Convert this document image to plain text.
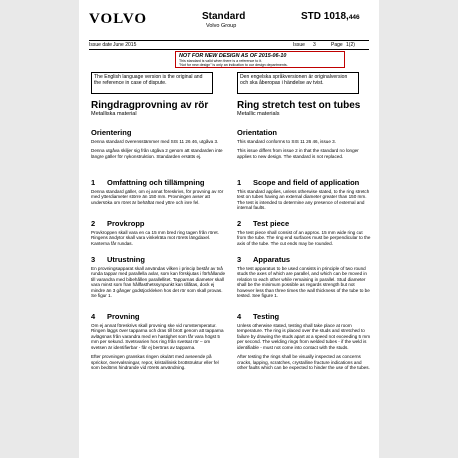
VOLVO	Standard
Volvo Group
STD 1018,446
Issue date June 2015	Issue 3	Page 1(2)
NOT FOR NEW DESIGN AS OF 2015-06-10
This standard is valid when there is a reference to it.
"Not for new design" is only an indication to our design departments.
The English language version is the original and the reference in case of dispute.
Den engelska språkversionen är originalversion och ska åberopas i händelse av tvist.
Ringdragprovning av rör
Metalliska material
Orientering
Denna standard överensstämmer med SIS 11 26 46, utgåva 3.
Denna utgåva skiljer sig från utgåva 2 genom att standarden inte längre gäller för nykonstruktion. Standarden ersätts ej.
1 Omfattning och tillämpning
Denna standard gäller, om ej annat föreskrivs, för provning av rör med ytterdiameter större än 150 mm. Provningen avser att undersöka om röret är behäftat med yttre och inre fel.
2 Provkropp
Provkroppen skall vara en ca 15 mm bred ring tagen från röret. Ringens ändytor skall vara vinkelräta mot rörets längdaxel. Kanterna får rundas.
3 Utrustning
En provningsapparat skall användas vilken i princip består av två runda tappar med parallella axlar, som kan förskjutas i förhållande till varandra med bibehållen parallellitet. Tapparnas diameter skall vara minst som fran hållfasthetssynpunkt kan tillåtas, dock ej mindre än 3 gånger godstjockleken hos det rör som skall provas. Se figur 1.
4 Provning
Om ej annat föreskrivs skall provning ske vid rumstemperatur. Ringen läggs över tapparna och dras till brott genom att tapparna avlägsnas från varandra med en hastighet som får vara högst 5 mm per sekund. Svetsvarien hos ring från svetsat rör – om svetsen är identifierbar - får ej beröras av tapparna.
Efter provningen granskas ringen okulärt med avseende på sprickor, övervalsningar, repor, kristallinisk brottstruktur eller fel som bedöms hindrande vid rörets användning.
Ring stretch test on tubes
Metallic materials
Orientation
This standard conforms to SIS 11 26 46, issue 3.
This issue differs from issue 2 in that the standard no longer applies to new design. The standard is not replaced.
1 Scope and field of application
This standard applies, unless otherwise stated, to the ring stretch test on tubes having an external diameter greater than 150 mm. The test is intended to determine any presence of external and internal faults.
2 Test piece
The test piece shall consist of an approx. 15 mm wide ring cut from the tube. The ring end surfaces must be perpendicular to the axis of the tube. The cut ends may be rounded.
3 Apparatus
The test apparatus to be used consists in principle of two round studs the axes of which are parallel, and which can be moved in relation to each other while remaining in parallel. Stud diameter shall be the minimum possible as regards strength but not however less than three times the wall thickness of the tube to be tested. See figure 1.
4 Testing
Unless otherwise stated, testing shall take place at room temperature. The ring is placed over the studs and stretched to failure by drawing the studs apart at a speed not exceeding 5 mm per second. The welding rings from welded tubes - if the weld is identifiable - must not come into contact with the studs.
After testing the rings shall be visually inspected as concerns cracks, lapping, scratches, crystalline fracture indications and other faults which can be expected to hinder the use of the tubes.
